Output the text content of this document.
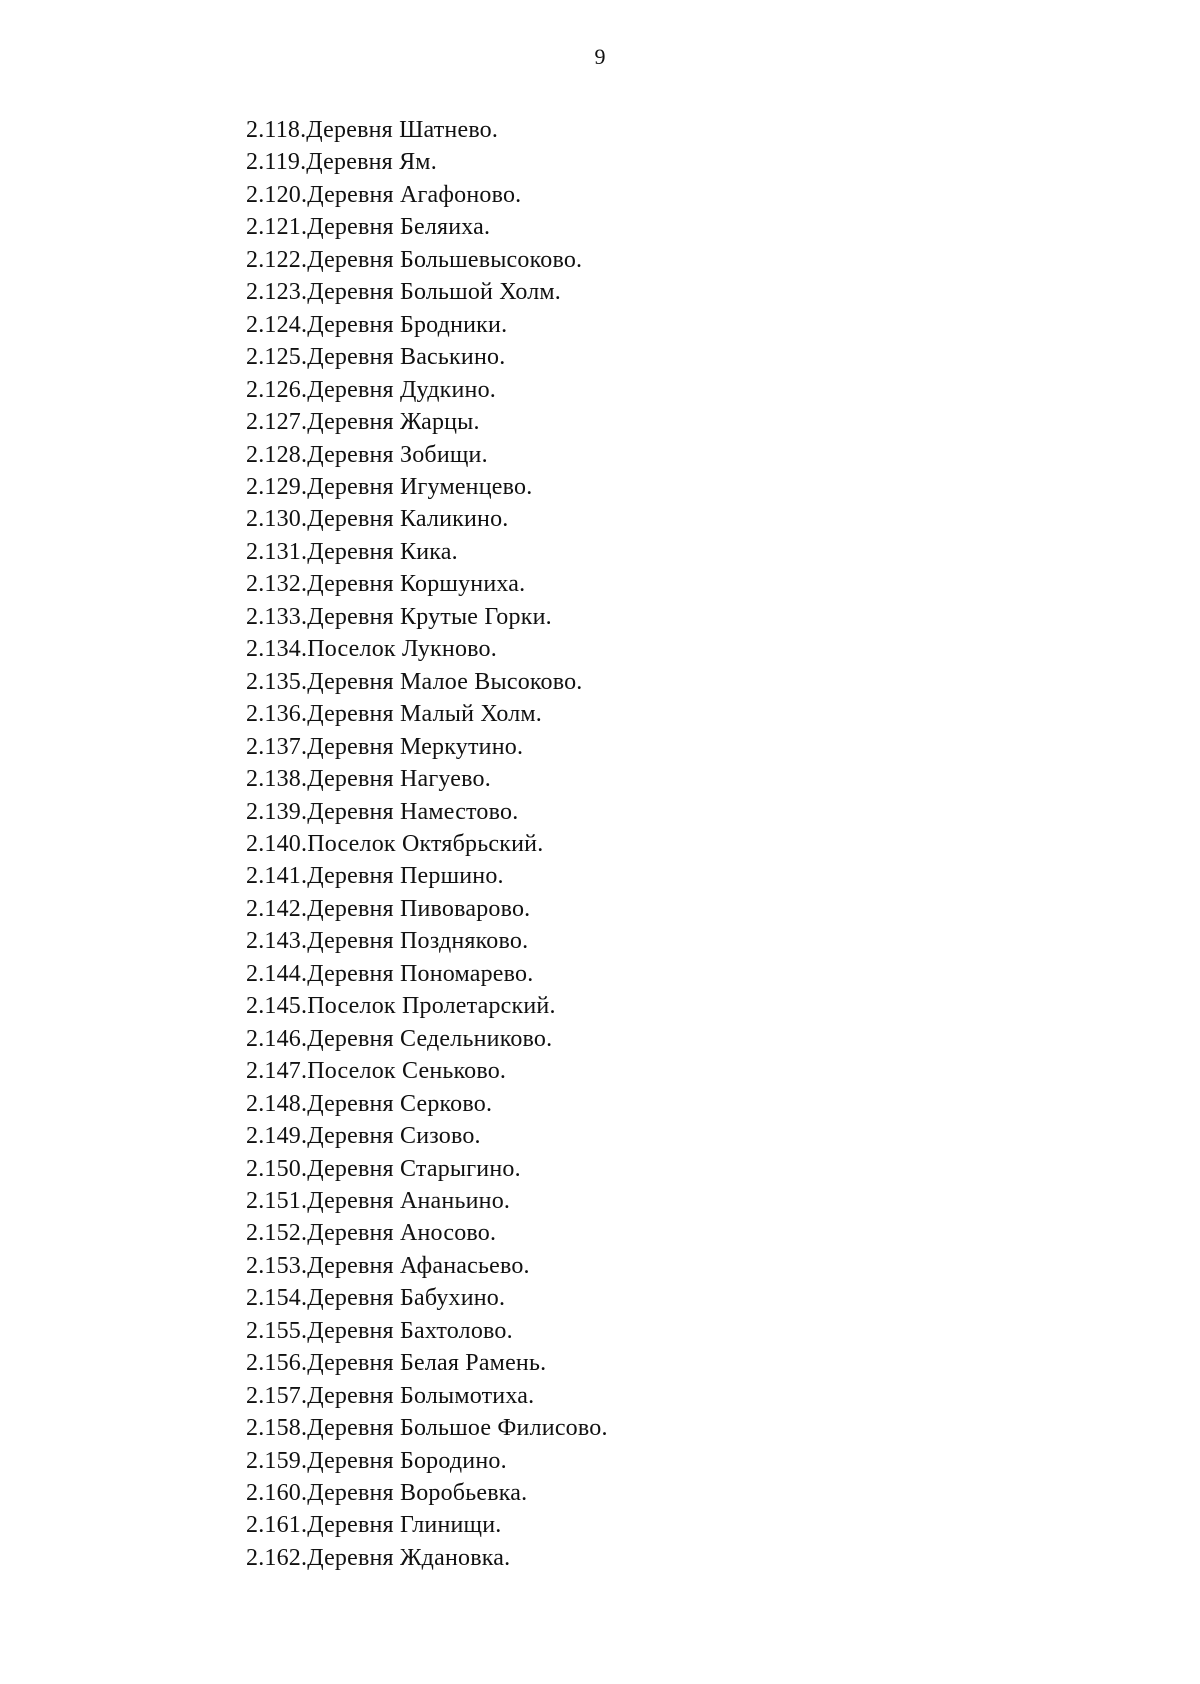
9
2.118.Деревня Шатнево.
2.119.Деревня Ям.
2.120.Деревня Агафоново.
2.121.Деревня Беляиха.
2.122.Деревня Большевысоково.
2.123.Деревня Большой Холм.
2.124.Деревня Бродники.
2.125.Деревня Васькино.
2.126.Деревня Дудкино.
2.127.Деревня Жарцы.
2.128.Деревня Зобищи.
2.129.Деревня Игуменцево.
2.130.Деревня Каликино.
2.131.Деревня Кика.
2.132.Деревня Коршуниха.
2.133.Деревня Крутые Горки.
2.134.Поселок Лукново.
2.135.Деревня Малое Высоково.
2.136.Деревня Малый Холм.
2.137.Деревня Меркутино.
2.138.Деревня Нагуево.
2.139.Деревня Наместово.
2.140.Поселок Октябрьский.
2.141.Деревня Першино.
2.142.Деревня Пивоварово.
2.143.Деревня Поздняково.
2.144.Деревня Пономарево.
2.145.Поселок Пролетарский.
2.146.Деревня Седельниково.
2.147.Поселок Сеньково.
2.148.Деревня Серково.
2.149.Деревня Сизово.
2.150.Деревня Старыгино.
2.151.Деревня Ананьино.
2.152.Деревня Аносово.
2.153.Деревня Афанасьево.
2.154.Деревня Бабухино.
2.155.Деревня Бахтолово.
2.156.Деревня Белая Рамень.
2.157.Деревня Болымотиха.
2.158.Деревня Большое Филисово.
2.159.Деревня Бородино.
2.160.Деревня Воробьевка.
2.161.Деревня Глинищи.
2.162.Деревня Ждановка.
